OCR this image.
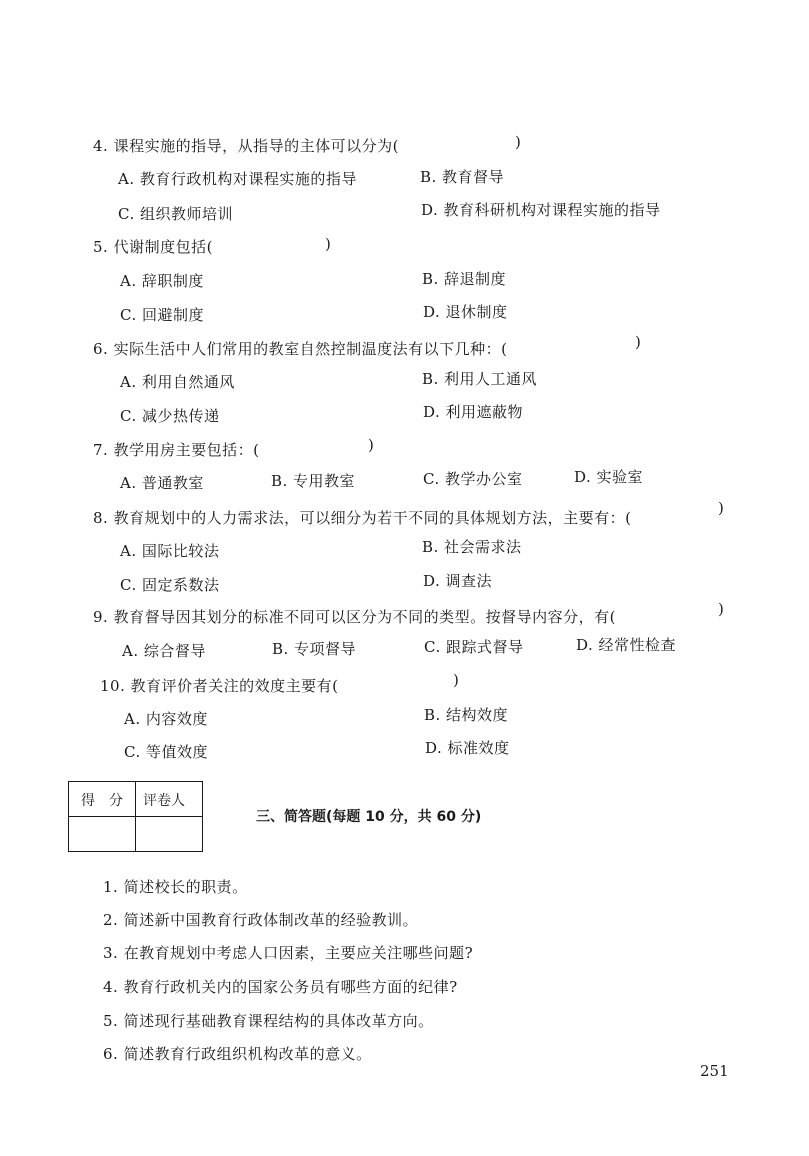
4. 课程实施的指导，从指导的主体可以分为(	)
A. 教育行政机构对课程实施的指导	B. 教育督导
C. 组织教师培训	D. 教育科研机构对课程实施的指导
5. 代谢制度包括(	)
A. 辞职制度	B. 辞退制度
C. 回避制度	D. 退休制度
6. 实际生活中人们常用的教室自然控制温度法有以下几种：(	)
A. 利用自然通风	B. 利用人工通风
C. 减少热传递	D. 利用遮蔽物
7. 教学用房主要包括：(	)
A. 普通教室	B. 专用教室	C. 教学办公室	D. 实验室
8. 教育规划中的人力需求法，可以细分为若干不同的具体规划方法，主要有：(
)
A. 国际比较法	B. 社会需求法
C. 固定系数法	D. 调查法
9. 教育督导因其划分的标准不同可以区分为不同的类型。按督导内容分，有(	)
A. 综合督导	B. 专项督导	C. 跟踪式督导	D. 经常性检查
10. 教育评价者关注的效度主要有(	)
A. 内容效度	B. 结构效度
C. 等值效度	D. 标准效度
得　分 评卷人
三、简答题(每题 10 分，共 60 分)
1. 简述校长的职责。
2. 简述新中国教育行政体制改革的经验教训。
3. 在教育规划中考虑人口因素，主要应关注哪些问题?
4. 教育行政机关内的国家公务员有哪些方面的纪律?
5. 简述现行基础教育课程结构的具体改革方向。
6. 简述教育行政组织机构改革的意义。
251
